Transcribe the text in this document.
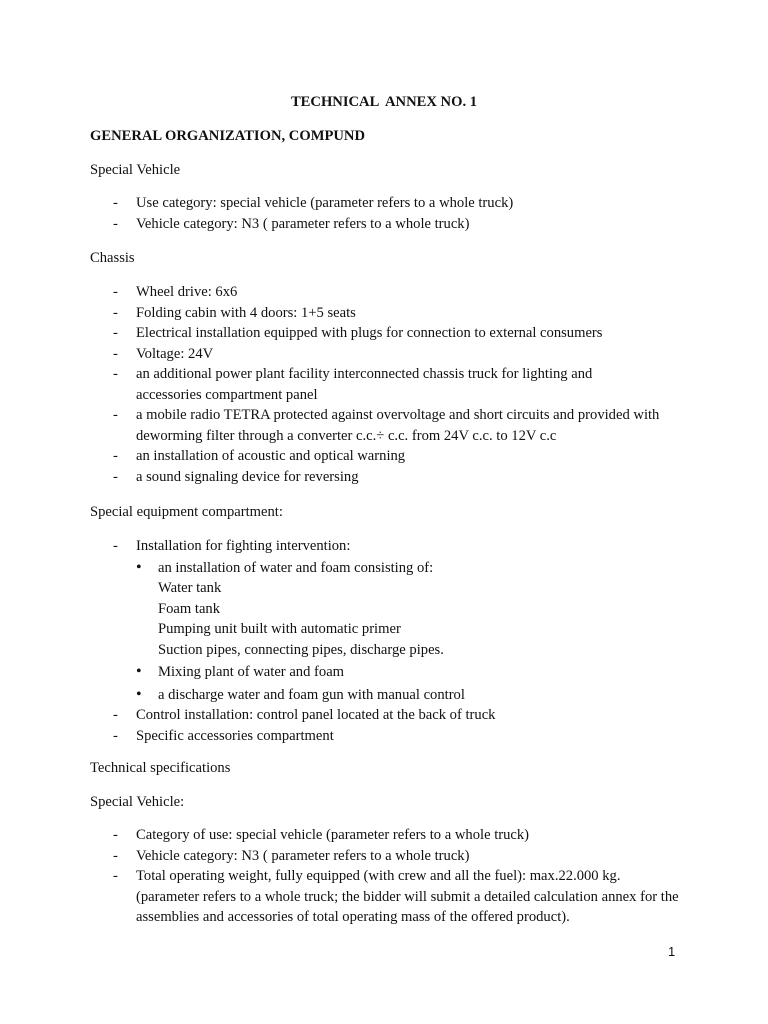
TECHNICAL  ANNEX NO. 1
GENERAL ORGANIZATION, COMPUND
Special Vehicle
- Use category: special vehicle (parameter refers to a whole truck)
- Vehicle category: N3 ( parameter refers to a whole truck)
Chassis
- Wheel drive: 6x6
- Folding cabin with 4 doors: 1+5 seats
- Electrical installation equipped with plugs for connection to external consumers
- Voltage: 24V
- an additional power plant facility interconnected chassis truck for lighting and accessories compartment panel
- a mobile radio TETRA protected against overvoltage and short circuits and provided with deworming filter through a converter c.c.÷ c.c. from 24V c.c. to 12V c.c
- an installation of acoustic and optical warning
- a sound signaling device for reversing
Special equipment compartment:
- Installation for fighting intervention:
• an installation of water and foam consisting of:
Water tank
Foam tank
Pumping unit built with automatic primer
Suction pipes, connecting pipes, discharge pipes.
• Mixing plant of water and foam
• a discharge water and foam gun with manual control
- Control installation: control panel located at the back of truck
- Specific accessories compartment
Technical specifications
Special Vehicle:
- Category of use: special vehicle (parameter refers to a whole truck)
- Vehicle category: N3 ( parameter refers to a whole truck)
- Total operating weight, fully equipped (with crew and all the fuel): max.22.000 kg. (parameter refers to a whole truck; the bidder will submit a detailed calculation annex for the assemblies and accessories of total operating mass of the offered product).
1
